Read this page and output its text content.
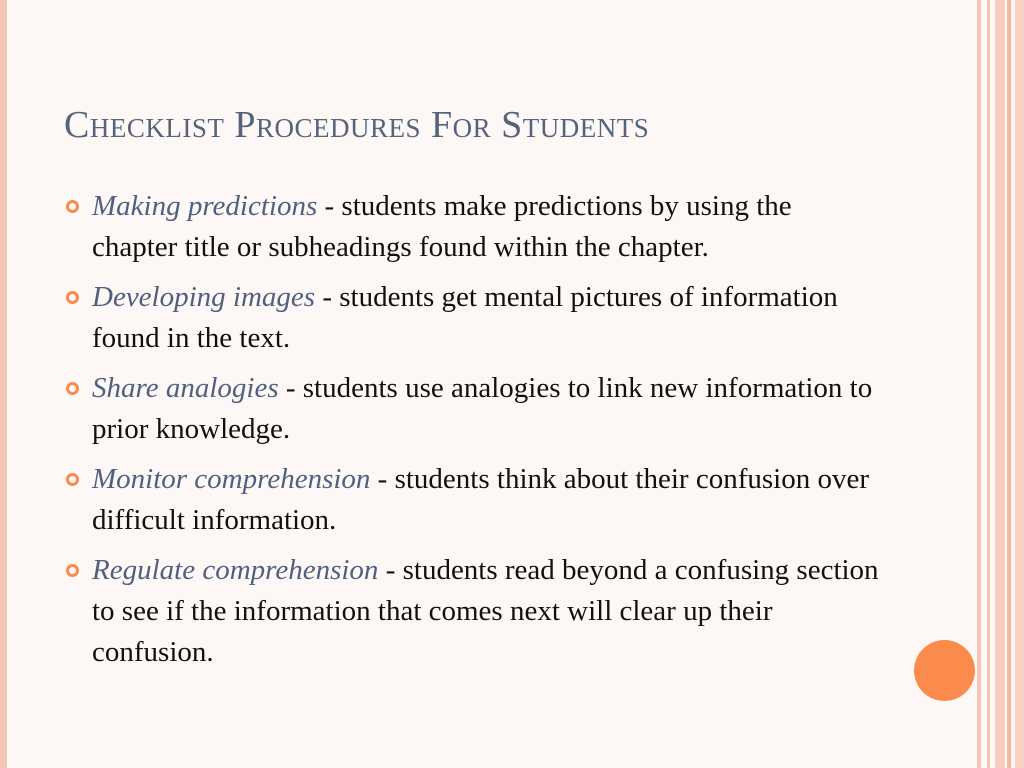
Checklist Procedures For Students
Making predictions - students make predictions by using the chapter title or subheadings found within the chapter.
Developing images - students get mental pictures of information found in the text.
Share analogies - students use analogies to link new information to prior knowledge.
Monitor comprehension - students think about their confusion over difficult information.
Regulate comprehension - students read beyond a confusing section to see if the information that comes next will clear up their confusion.
